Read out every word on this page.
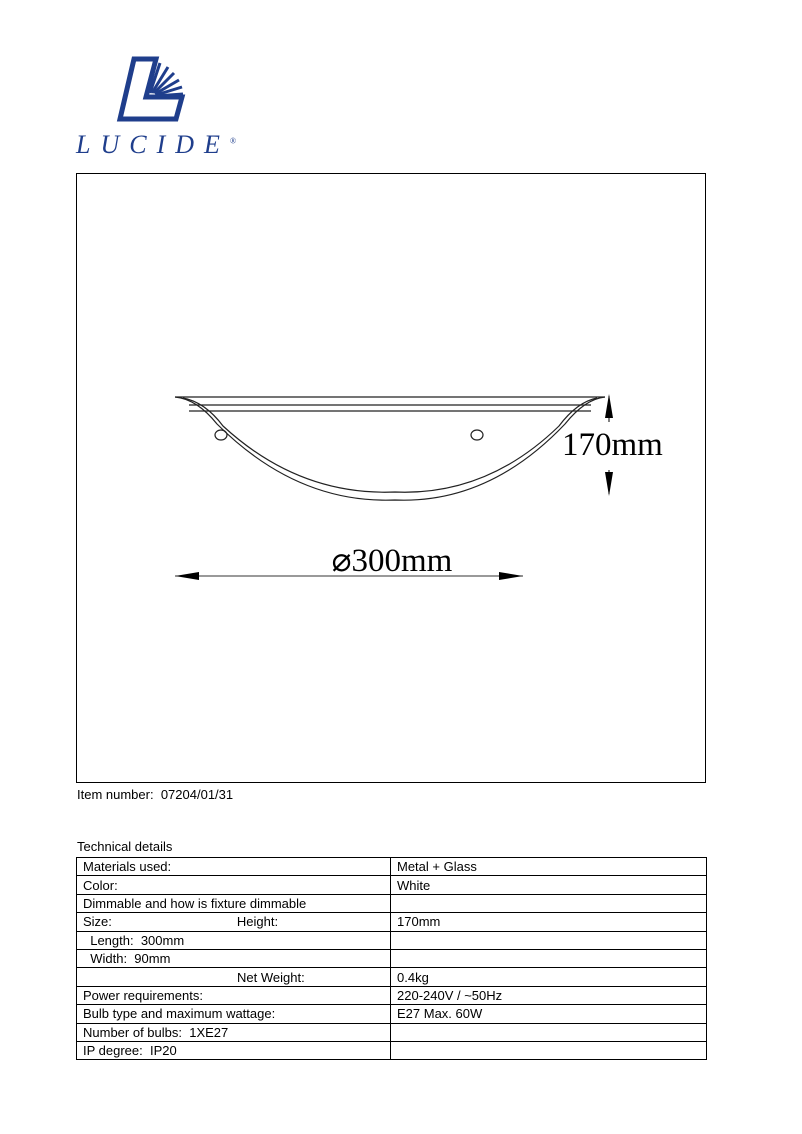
LUCIDE®
⌀300mm
170mm
Item number: 07204/01/31
Technical details
Materials used:	Metal + Glass
Color:	White
Dimmable and how is fixture dimmable	
Size: Height:	170mm
Length:  300mm	
Width:  90mm	
Net Weight:	0.4kg
Power requirements:	220-240V / ~50Hz
Bulb type and maximum wattage:	E27 Max. 60W
Number of bulbs:  1XE27	
IP degree:  IP20	
